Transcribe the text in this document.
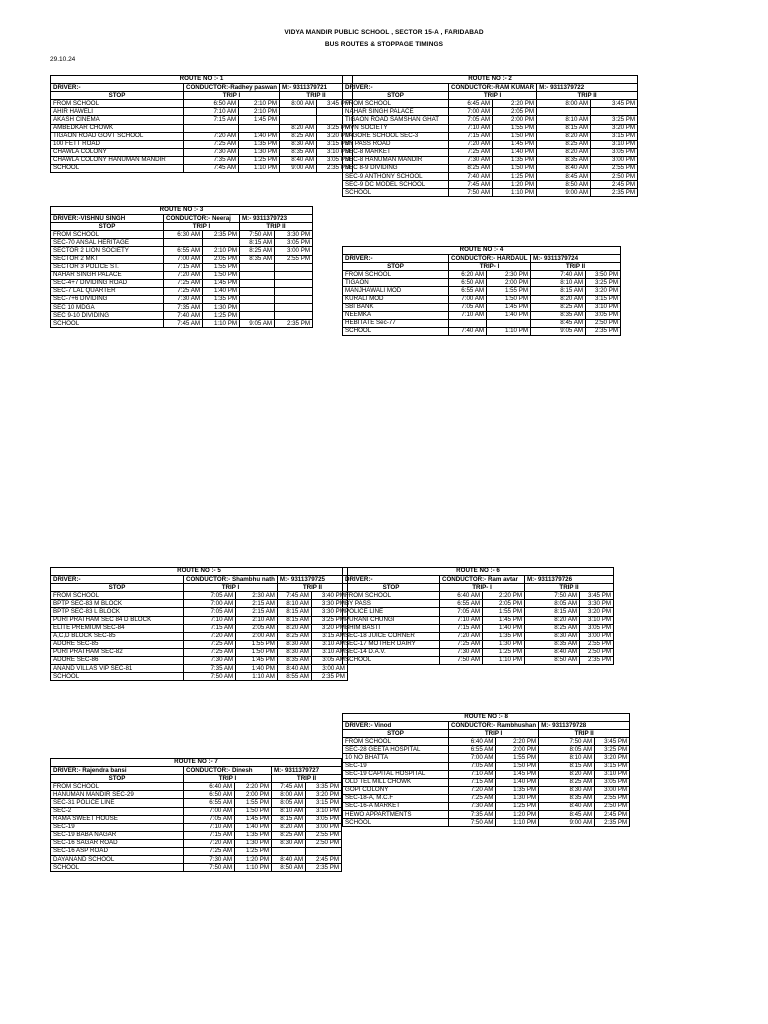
VIDYA MANDIR PUBLIC SCHOOL , SECTOR 15-A , FARIDABAD
BUS ROUTES & STOPPAGE TIMINGS
29.10.24
ROUTE NO :- 1				
DRIVER:-	CONDUCTOR:-Radhey paswan		M:- 9311379721	
STOP	TRIP I		TRIP II	
FROM SCHOOL	6:50 AM	2:10 PM	8:00 AM	3:45 PM
AHIR HAWELI	7:10 AM	2:10 PM		
AKASH CINEMA	7:15 AM	1:45 PM		
AMBEDKAR CHOWK			8:20 AM	3:25 PM
TIGAON ROAD GOVT SCHOOL	7:20 AM	1:40 PM	8:25 AM	3:20 PM
100 FETT ROAD	7:25 AM	1:35 PM	8:30 AM	3:15 PM
CHAWLA COLONY	7:30 AM	1:30 PM	8:35 AM	3:10 PM
CHAWLA COLONY HANUMAN MANDIR	7:35 AM	1:25 PM	8:40 AM	3:05 PM
SCHOOL	7:45 AM	1:10 PM	9:00 AM	2:35 PM
ROUTE NO :- 2				
DRIVER:-	CONDUCTOR:-RAM KUMAR		M:- 9311379722	
STOP	TRIP I		TRIP II	
FROM SCHOOL	6:45 AM	2:20 PM	8:00 AM	3:45 PM
NAHAR SINGH PALACE	7:00 AM	2:05 PM		
TIGAON ROAD SAMSHAN GHAT	7:05 AM	2:00 PM	8:10 AM	3:25 PM
MVN SOCIETY	7:10 AM	1:55 PM	8:15 AM	3:20 PM
TAGORE SCHOOL SEC-3	7:15 AM	1:50 PM	8:20 AM	3:15 PM
BY PASS ROAD	7:20 AM	1:45 PM	8:25 AM	3:10 PM
SEC-8 MARKET	7:25 AM	1:40 PM	8:20 AM	3:05 PM
SEC-8 HANUMAN MANDIR	7:30 AM	1:35 PM	8:35 AM	3:00 PM
SEC 8-9 DIVIDING	8:25 AM	1:50 PM	8:40 AM	2:55 PM
SEC-9 ANTHONY SCHOOL	7:40 AM	1:25 PM	8:45 AM	2:50 PM
SEC-9 DC MODEL SCHOOL	7:45 AM	1:20 PM	8:50 AM	2:45 PM
SCHOOL	7:50 AM	1:10 PM	9:00 AM	2:35 PM
ROUTE NO :- 3				
DRIVER:-VISHNU SINGH	CONDUCTOR:- Neeraj		M:- 9311379723	
STOP	TRIP I		TRIP II	
FROM SCHOOL	6:30 AM	2:35 PM	7:50 AM	3:30 PM
SEC-70 ANSAL HERITAGE			8:15 AM	3:05 PM
SECTOR 2 LION SOCIETY	6:55 AM	2:10 PM	8:25 AM	3:00 PM
SECTOR 2 MKT	7:00 AM	2:05 PM	8:35 AM	2:55 PM
SECTOR 3 POLICE ST.	7:15 AM	1:55 PM		
NAHAR SINGH PALACE	7:20 AM	1:50 PM		
SEC-4+7 DIVIDING ROAD	7:25 AM	1:45 PM		
SEC-7 LAL QUARTER	7:25 AM	1:40 PM		
SEC-7+6 DIVIDING	7:30 AM	1:35 PM		
SEC 10 MDGA	7:35 AM	1:30 PM		
SEC 9-10 DIVIDING	7:40 AM	1:25 PM		
SCHOOL	7:45 AM	1:10 PM	9:05 AM	2:35 PM
ROUTE NO :- 4				
DRIVER:-	CONDUCTOR:- HARDAUL		M:- 9311379724	
STOP	TRIP- I		TRIP II	
FROM SCHOOL	6:20 AM	2:30 PM	7:40 AM	3:50 PM
TIGAON	6:50 AM	2:00 PM	8:10 AM	3:25 PM
MANJHAWALI MOD	6:55 AM	1:55 PM	8:15 AM	3:20 PM
KURALI MOD	7:00 AM	1:50 PM	8:20 AM	3:15 PM
SBI BANK	7:05 AM	1:45 PM	8:25 AM	3:10 PM
NEEMKA	7:10 AM	1:40 PM	8:35 AM	3:05 PM
HEBITATE Sec-77			8:45 AM	2:50 PM
SCHOOL	7:40 AM	1:10 PM	9:05 AM	2:35 PM
ROUTE NO :- 5				
DRIVER:-	CONDUCTOR:- Shambhu nath		M:- 9311379725	
STOP	TRIP I		TRIP II	
FROM SCHOOL	7:05 AM	2:30 AM	7:45 AM	3:40 PM
BPTP SEC-83 M BLOCK	7:00 AM	2:15 AM	8:10 AM	3:30 PM
BPTP SEC-83 L BLOCK	7:05 AM	2:15 AM	8:15 AM	3:30 PM
PURI PRATHAM SEC 84 D BLOCK	7:10 AM	2:10 AM	8:15 AM	3:25 PM
ELITE PREMIUM SEC-84	7:15 AM	2:05 AM	8:20 AM	3:20 PM
A,C,D BLOCK SEC-85	7:20 AM	2:00 AM	8:25 AM	3:15 AM
ADORE SEC-85	7:25 AM	1:55 PM	8:30 AM	3:10 AM
PURI PRATHAM SEC-82	7:25 AM	1:50 PM	8:30 AM	3:10 AM
ADORE SEC-86	7:30 AM	1:45 PM	8:35 AM	3:05 AM
ANAND VILLAS VIP SEC-81	7:35 AM	1:40 PM	8:40 AM	3:00 AM
SCHOOL	7:50 AM	1:10 AM	8:55 AM	2:35 PM
ROUTE NO :- 6				
DRIVER:-	CONDUCTOR:- Ram avtar		M:- 9311379726	
STOP	TRIP- I		TRIP II	
FROM SCHOOL	6:40 AM	2:20 PM	7:50 AM	3:45 PM
BY PASS	6:55 AM	2:05 PM	8:05 AM	3:30 PM
POLICE LINE	7:05 AM	1:55 PM	8:15 AM	3:20 PM
PURANI CHUNGI	7:10 AM	1:45 PM	8:20 AM	3:10 PM
BHIM BASTI	7:15 AM	1:40 PM	8:25 AM	3:05 PM
SEC-18 JUICE CORNER	7:20 AM	1:35 PM	8:30 AM	3:00 PM
SEC-17 MOTHER DAIRY	7:25 AM	1:30 PM	8:35 AM	2:55 PM
SEC-14 D.A.V.	7:30 AM	1:25 PM	8:40 AM	2:50 PM
SCHOOL	7:50 AM	1:10 PM	8:50 AM	2:35 PM
ROUTE NO :- 7				
DRIVER:- Rajendra bansi	CONDUCTOR:- Dinesh		M:- 9311379727	
STOP	TRIP I		TRIP II	
FROM SCHOOL	6:40 AM	2:20 PM	7:45 AM	3:35 PM
HANUMAN MANDIR SEC-29	6:50 AM	2:00 PM	8:00 AM	3:20 PM
SEC-31 POLICE LINE	6:55 AM	1:55 PM	8:05 AM	3:15 PM
SEC-2	7:00 AM	1:50 PM	8:10 AM	3:10 PM
RAMA SWEET HOUSE	7:05 AM	1:45 PM	8:15 AM	3:05 PM
SEC-19	7:10 AM	1:40 PM	8:20 AM	3:00 PM
SEC-19 BABA NAGAR	7:15 AM	1:35 PM	8:25 AM	2:55 PM
SEC-16 SAGAR ROAD	7:20 AM	1:30 PM	8:30 AM	2:50 PM
SEC-16 ASP ROAD	7:25 AM	1:25 PM		
DAYANAND SCHOOL	7:30 AM	1:20 PM	8:40 AM	2:45 PM
SCHOOL	7:50 AM	1:10 PM	8:50 AM	2:35 PM
ROUTE NO :- 8				
DRIVER:- Vinod	CONDUCTOR:- Rambhushan		M:- 9311379728	
STOP	TRIP I		TRIP II	
FROM SCHOOL	6:40 AM	2:20 PM	7:50 AM	3:45 PM
SEC-28 GEETA HOSPITAL	6:55 AM	2:00 PM	8:05 AM	3:25 PM
10 NO BHATTA	7:00 AM	1:55 PM	8:10 AM	3:20 PM
SEC-19	7:05 AM	1:50 PM	8:15 AM	3:15 PM
SEC-19 CAPITAL HOSPITAL	7:10 AM	1:45 PM	8:20 AM	3:10 PM
OLD TEL MILL CHOWK	7:15 AM	1:40 PM	8:25 AM	3:05 PM
GOPI COLONY	7:20 AM	1:35 PM	8:30 AM	3:00 PM
SEC-18-A, M.C.F	7:25 AM	1:30 PM	8:35 AM	2:55 PM
SEC-16-A MARKET	7:30 AM	1:25 PM	8:40 AM	2:50 PM
HEWO APPARTMENTS	7:35 AM	1:20 PM	8:45 AM	2:45 PM
SCHOOL	7:50 AM	1:10 PM	9:00 AM	2:35 PM
